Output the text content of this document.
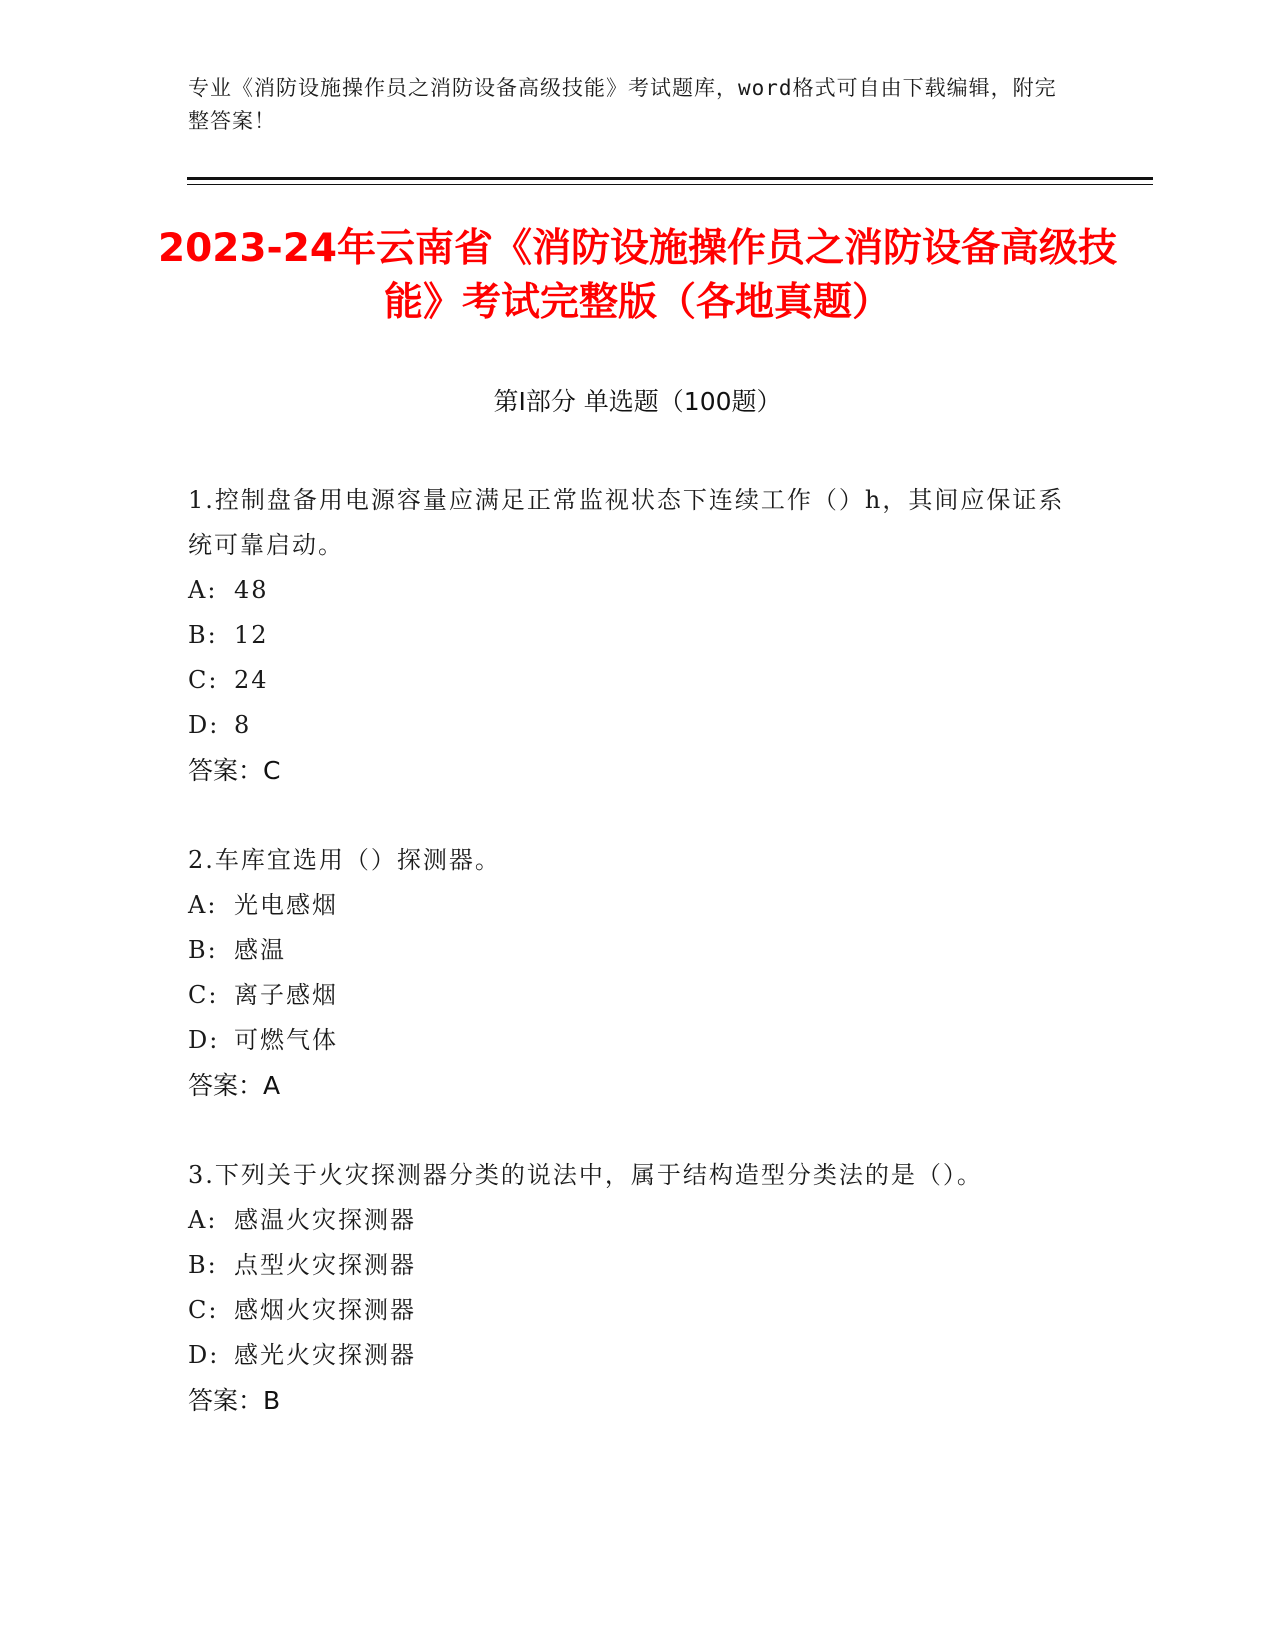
专业《消防设施操作员之消防设备高级技能》考试题库，word格式可自由下载编辑，附完整答案！
2023-24年云南省《消防设施操作员之消防设备高级技能》考试完整版（各地真题）
第Ⅰ部分 单选题（100题）
1.控制盘备用电源容量应满足正常监视状态下连续工作（）h，其间应保证系统可靠启动。
A: 48
B: 12
C: 24
D: 8
答案：C
2.车库宜选用（）探测器。
A: 光电感烟
B: 感温
C: 离子感烟
D: 可燃气体
答案：A
3.下列关于火灾探测器分类的说法中，属于结构造型分类法的是（）。
A: 感温火灾探测器
B: 点型火灾探测器
C: 感烟火灾探测器
D: 感光火灾探测器
答案：B
